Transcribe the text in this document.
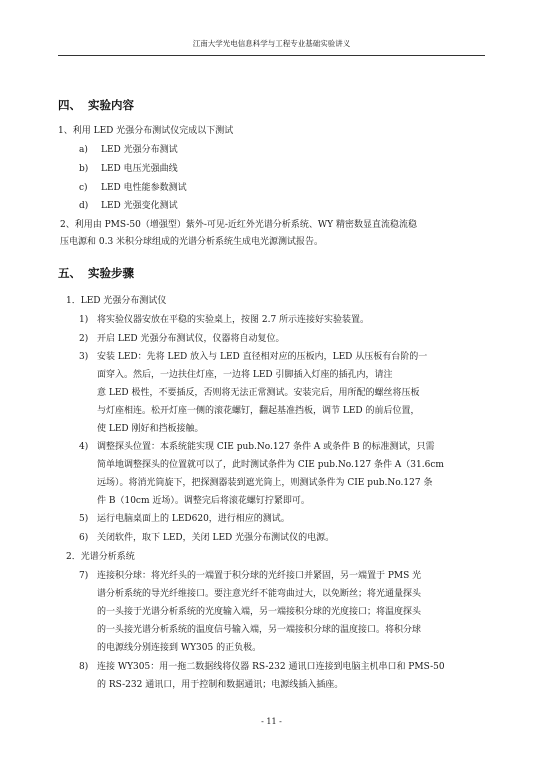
江南大学光电信息科学与工程专业基础实验讲义
四、 实验内容
1、利用 LED 光强分布测试仪完成以下测试
a) LED 光强分布测试
b) LED 电压光强曲线
c) LED 电性能参数测试
d) LED 光强变化测试
2、利用由 PMS-50（增强型）紫外-可见-近红外光谱分析系统、WY 精密数显直流稳流稳
压电源和 0.3 米积分球组成的光谱分析系统生成电光源测试报告。
五、 实验步骤
1．LED 光强分布测试仪
1) 将实验仪器安放在平稳的实验桌上，按图 2.7 所示连接好实验装置。
2) 开启 LED 光强分布测试仪，仪器将自动复位。
3) 安装 LED：先将 LED 放入与 LED 直径相对应的压板内，LED 从压板有台阶的一
面穿入。然后，一边扶住灯座，一边将 LED 引脚插入灯座的插孔内，请注
意 LED 极性，不要插反，否则将无法正常测试。安装完后，用所配的螺丝将压板
与灯座相连。松开灯座一侧的滚花螺钉，翻起基准挡板，调节 LED 的前后位置，
使 LED 刚好和挡板接触。
4) 调整探头位置：本系统能实现 CIE pub.No.127 条件 A 或条件 B 的标准测试，只需
简单地调整探头的位置就可以了，此时测试条件为 CIE pub.No.127 条件 A（31.6cm
远场）。将消光筒旋下，把探测器装到遮光筒上，则测试条件为 CIE pub.No.127 条
件 B（10cm 近场）。调整完后将滚花螺钉拧紧即可。
5) 运行电脑桌面上的 LED620，进行相应的测试。
6) 关闭软件，取下 LED，关闭 LED 光强分布测试仪的电源。
2．光谱分析系统
7) 连接积分球：将光纤头的一端置于积分球的光纤接口并紧固，另一端置于 PMS 光
谱分析系统的导光纤维接口。要注意光纤不能弯曲过大，以免断丝；将光通量探头
的一头接于光谱分析系统的光度输入端，另一端接积分球的光度接口；将温度探头
的一头接光谱分析系统的温度信号输入端，另一端接积分球的温度接口。将积分球
的电源线分别连接到 WY305 的正负极。
8) 连接 WY305：用一拖二数据线将仪器 RS-232 通讯口连接到电脑主机串口和 PMS-50
的 RS-232 通讯口，用于控制和数据通讯；电源线插入插座。
- 11 -
